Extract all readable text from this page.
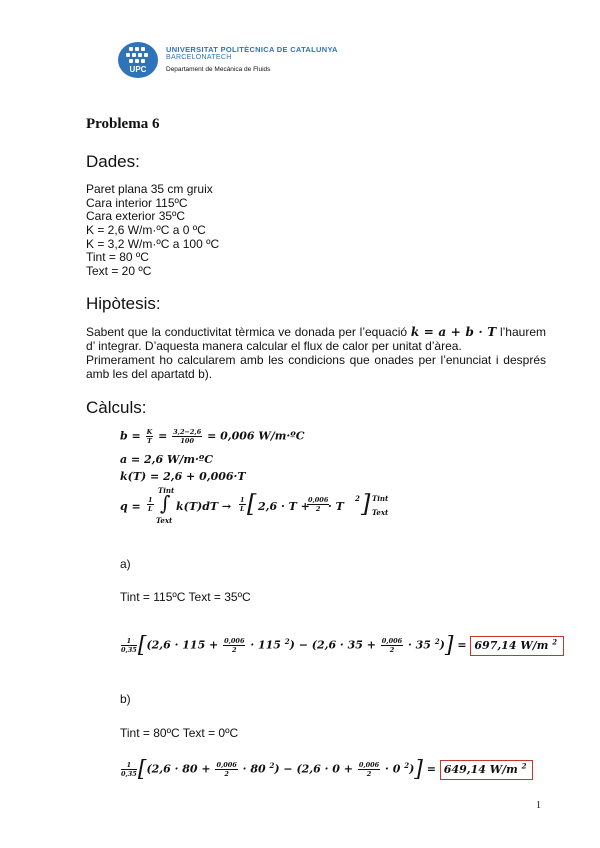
UPC
UNIVERSITAT POLITÈCNICA DE CATALUNYA
BARCELONATECH
Departament de Mecànica de Fluids
Problema 6
Dades:
Paret plana 35 cm gruix
Cara interior 115ºC
Cara exterior 35ºC
K = 2,6 W/m·ºC a 0 ºC
K = 3,2 W/m·ºC a 100 ºC
Tint = 80 ºC
Text = 20 ºC
Hipòtesis:
Sabent que la conductivitat tèrmica ve donada per l’equació k = a + b · T l’haurem d’ integrar. D’aquesta manera calcular el flux de calor per unitat d’àrea.
Primerament ho calcularem amb les condicions que onades per l’enunciat i després amb les del apartatd b).
Càlculs:
$b = \frac{K}{T} = \frac{3,2-2,6}{100} = 0,006$ W/m·ºC
a = 2,6 W/m·ºC
k(T) = 2,6 + 0,006·T
$q = \frac{1}{L}$
Tint
∫
Text
$k(T)dT \to \frac{1}{L}$ [ 2,6 · T +
$\frac{0,006}{2}$
· T
2 ] Tint
Text
a)
Tint = 115ºC Text = 35ºC
$\frac{1}{0,35} [(2,6 \cdot 115 + \frac{0,006}{2} \cdot 115$ $^2) - (2,6 \cdot 35 + \frac{0,006}{2} \cdot 35$ $^2$)] = 697,14 W/m $^2$
b)
Tint = 80ºC Text = 0ºC
$\frac{1}{0,35} [(2,6 \cdot 80 + \frac{0,006}{2} \cdot 80$ $^2) - (2,6 \cdot 0 + \frac{0,006}{2} \cdot 0$ $^2$)] = 649,14 W/m $^2$
1
